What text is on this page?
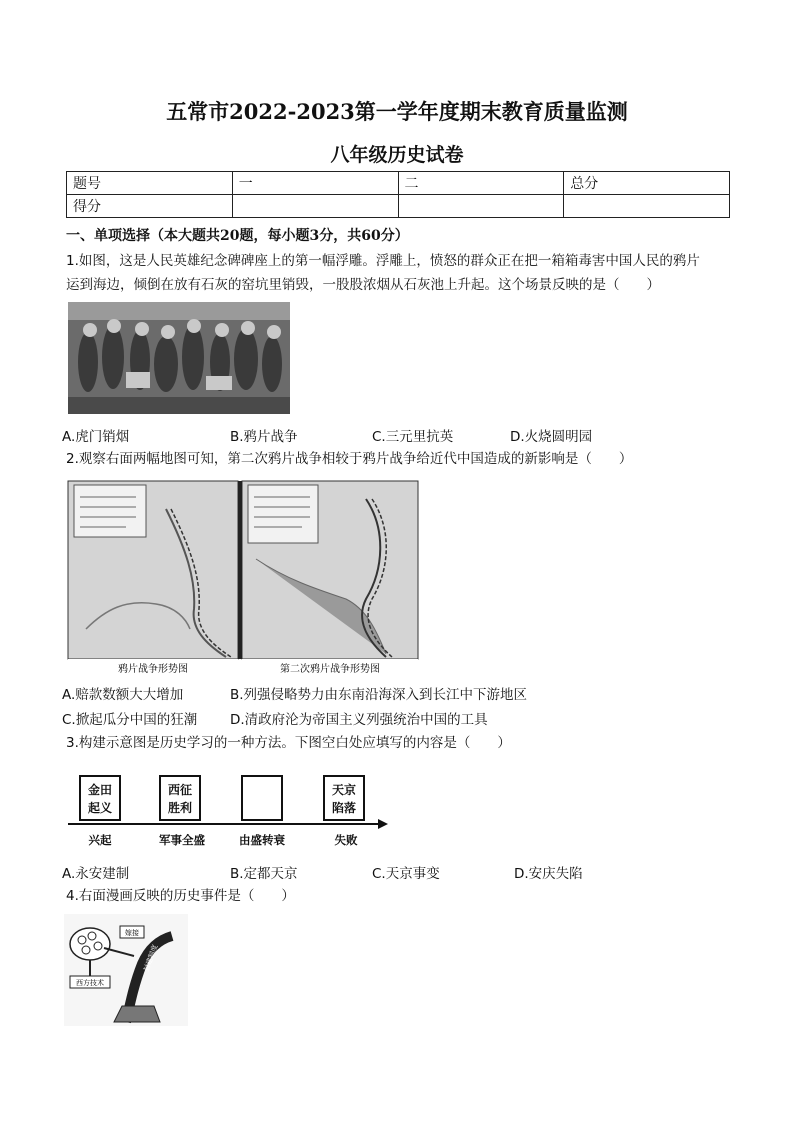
五常市2022-2023第一学年度期末教育质量监测
八年级历史试卷
题号	一	二	总分
得分			
一、单项选择（本大题共20题，每小题3分，共60分）
1.如图，这是人民英雄纪念碑碑座上的第一幅浮雕。浮雕上，愤怒的群众正在把一箱箱毒害中国人民的鸦片
运到海边，倾倒在放有石灰的窑坑里销毁，一股股浓烟从石灰池上升起。这个场景反映的是（　　）
A.虎门销烟	B.鸦片战争	C.三元里抗英	D.火烧圆明园
2.观察右面两幅地图可知，第二次鸦片战争相较于鸦片战争给近代中国造成的新影响是（　　）
鸦片战争形势图	第二次鸦片战争形势图
A.赔款数额大大增加	B.列强侵略势力由东南沿海深入到长江中下游地区
C.掀起瓜分中国的狂潮 D.清政府沦为帝国主义列强统治中国的工具
3.构建示意图是历史学习的一种方法。下图空白处应填写的内容是（　　）
金田
起义
西征
胜利
天京
陷落
兴起	军事全盛	由盛转衰	失败
A.永安建制	B.定都天京	C.天京事变	D.安庆失陷
4.右面漫画反映的历史事件是（　　）
西方技术
嫁接
封建制度
